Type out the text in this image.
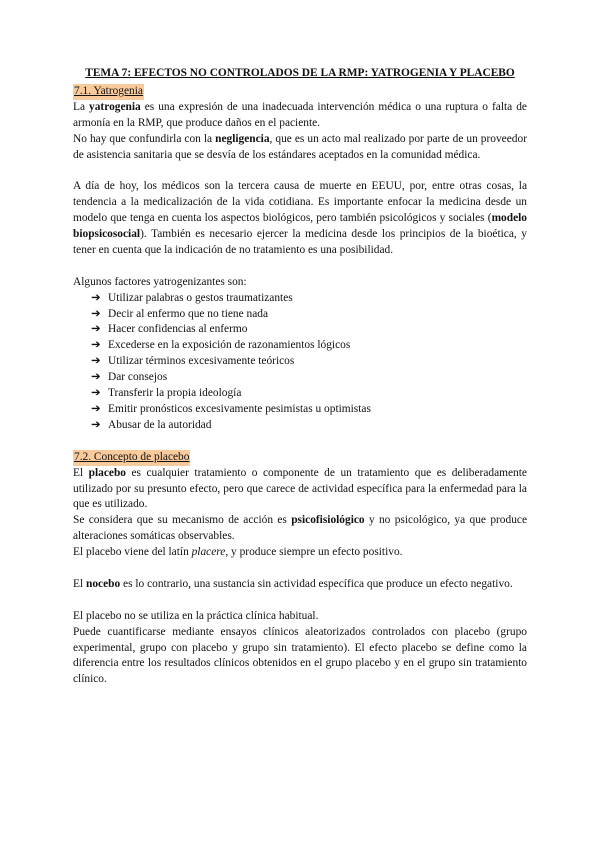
TEMA 7: EFECTOS NO CONTROLADOS DE LA RMP: YATROGENIA Y PLACEBO
7.1. Yatrogenia

La yatrogenia es una expresión de una inadecuada intervención médica o una ruptura o falta de armonía en la RMP, que produce daños en el paciente.

No hay que confundirla con la negligencia, que es un acto mal realizado por parte de un proveedor de asistencia sanitaria que se desvía de los estándares aceptados en la comunidad médica.

A día de hoy, los médicos son la tercera causa de muerte en EEUU, por, entre otras cosas, la tendencia a la medicalización de la vida cotidiana. Es importante enfocar la medicina desde un modelo que tenga en cuenta los aspectos biológicos, pero también psicológicos y sociales (modelo biopsicosocial). También es necesario ejercer la medicina desde los principios de la bioética, y tener en cuenta que la indicación de no tratamiento es una posibilidad.

Algunos factores yatrogenizantes son:

➔ Utilizar palabras o gestos traumatizantes
➔ Decir al enfermo que no tiene nada
➔ Hacer confidencias al enfermo
➔ Excederse en la exposición de razonamientos lógicos
➔ Utilizar términos excesivamente teóricos
➔ Dar consejos
➔ Transferir la propia ideología
➔ Emitir pronósticos excesivamente pesimistas u optimistas
➔ Abusar de la autoridad
7.2. Concepto de placebo

El placebo es cualquier tratamiento o componente de un tratamiento que es deliberadamente utilizado por su presunto efecto, pero que carece de actividad específica para la enfermedad para la que es utilizado.

Se considera que su mecanismo de acción es psicofisiológico y no psicológico, ya que produce alteraciones somáticas observables.

El placebo viene del latín placere, y produce siempre un efecto positivo.

El nocebo es lo contrario, una sustancia sin actividad específica que produce un efecto negativo.

El placebo no se utiliza en la práctica clínica habitual.

Puede cuantificarse mediante ensayos clínicos aleatorizados controlados con placebo (grupo experimental, grupo con placebo y grupo sin tratamiento). El efecto placebo se define como la diferencia entre los resultados clínicos obtenidos en el grupo placebo y en el grupo sin tratamiento clínico.
